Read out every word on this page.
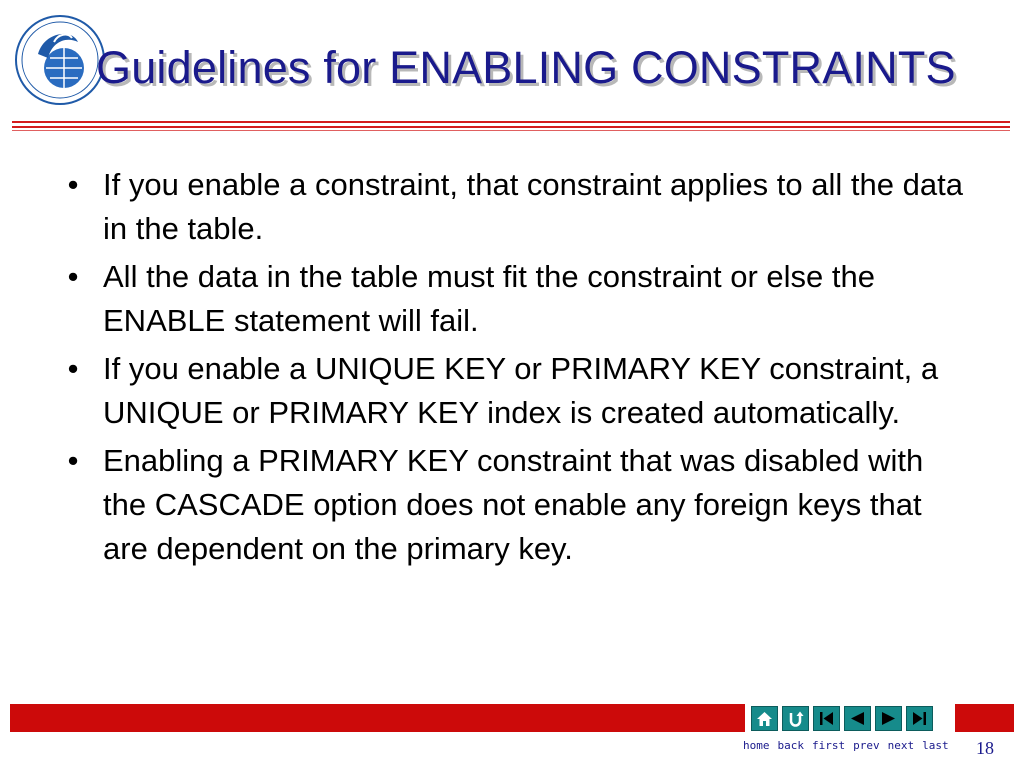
Guidelines for ENABLING CONSTRAINTS
• If you enable a constraint, that constraint applies to all the data in the table.
• All the data in the table must fit the constraint or else the ENABLE statement will fail.
• If you enable a UNIQUE KEY or PRIMARY KEY constraint, a UNIQUE or PRIMARY KEY index is created automatically.
• Enabling a PRIMARY KEY constraint that was disabled with the CASCADE option does not enable any foreign keys that are dependent on the primary key.
home back first prev next last 18
